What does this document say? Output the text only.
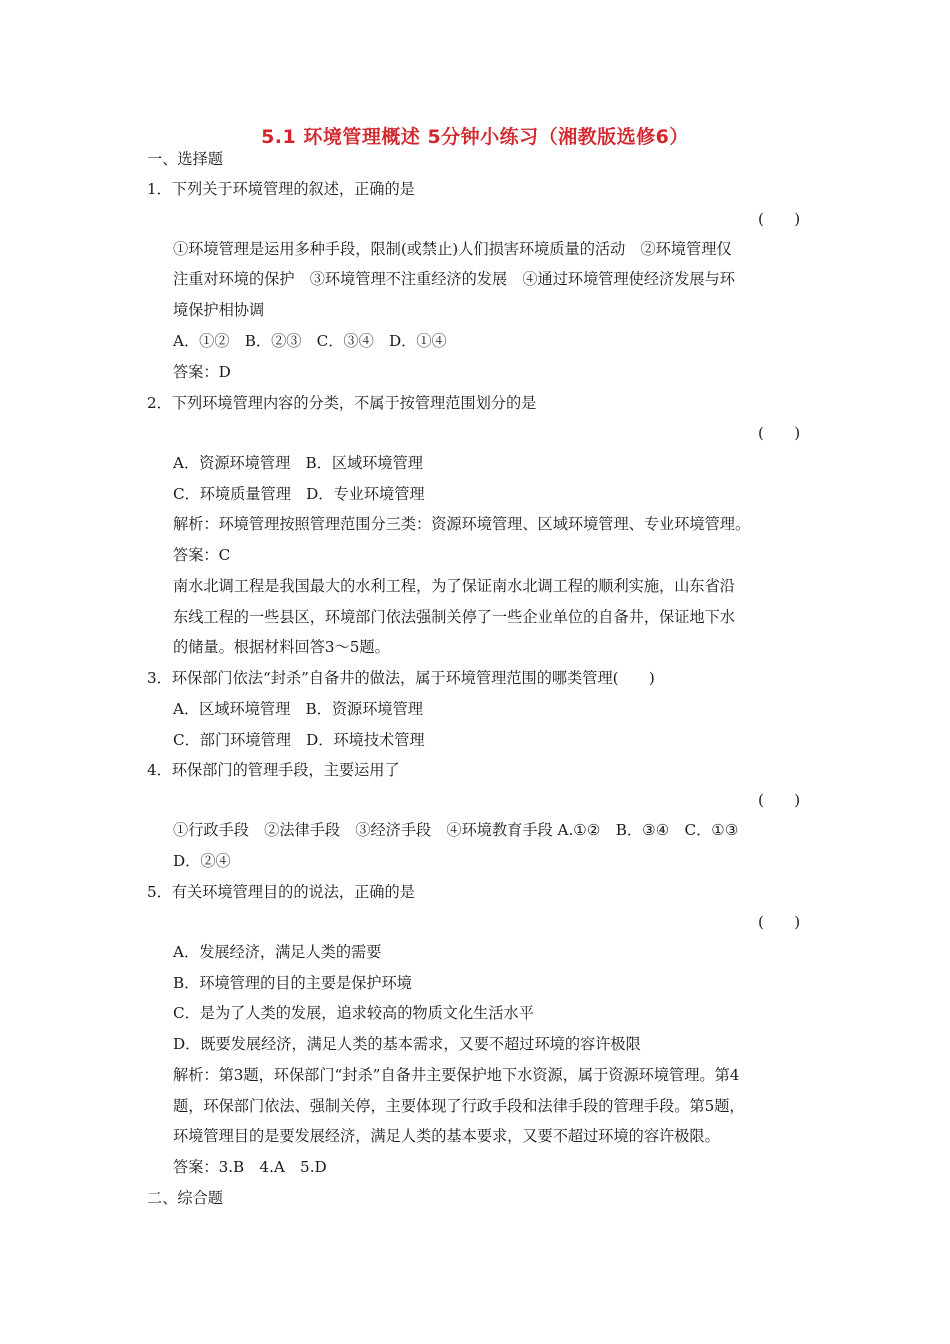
5.1 环境管理概述 5分钟小练习（湘教版选修6）
一、选择题
1．下列关于环境管理的叙述，正确的是
(　　)
①环境管理是运用多种手段，限制(或禁止)人们损害环境质量的活动　②环境管理仅
注重对环境的保护　③环境管理不注重经济的发展　④通过环境管理使经济发展与环
境保护相协调
A．①②　B．②③　C．③④　D．①④
答案：D
2．下列环境管理内容的分类，不属于按管理范围划分的是
(　　)
A．资源环境管理　B．区域环境管理
C．环境质量管理　D．专业环境管理
解析：环境管理按照管理范围分三类：资源环境管理、区域环境管理、专业环境管理。
答案：C
南水北调工程是我国最大的水利工程，为了保证南水北调工程的顺利实施，山东省沿
东线工程的一些县区，环境部门依法强制关停了一些企业单位的自备井，保证地下水
的储量。根据材料回答3～5题。
3．环保部门依法“封杀”自备井的做法，属于环境管理范围的哪类管理(　　)
A．区域环境管理　B．资源环境管理
C．部门环境管理　D．环境技术管理
4．环保部门的管理手段，主要运用了
(　　)
①行政手段　②法律手段　③经济手段　④环境教育手段 A.①②　B．③④　C．①③
D．②④
5．有关环境管理目的的说法，正确的是
(　　)
A．发展经济，满足人类的需要
B．环境管理的目的主要是保护环境
C．是为了人类的发展，追求较高的物质文化生活水平
D．既要发展经济，满足人类的基本需求，又要不超过环境的容许极限
解析：第3题，环保部门“封杀”自备井主要保护地下水资源，属于资源环境管理。第4
题，环保部门依法、强制关停，主要体现了行政手段和法律手段的管理手段。第5题，
环境管理目的是要发展经济，满足人类的基本要求，又要不超过环境的容许极限。
答案：3.B　4.A　5.D
二、综合题
